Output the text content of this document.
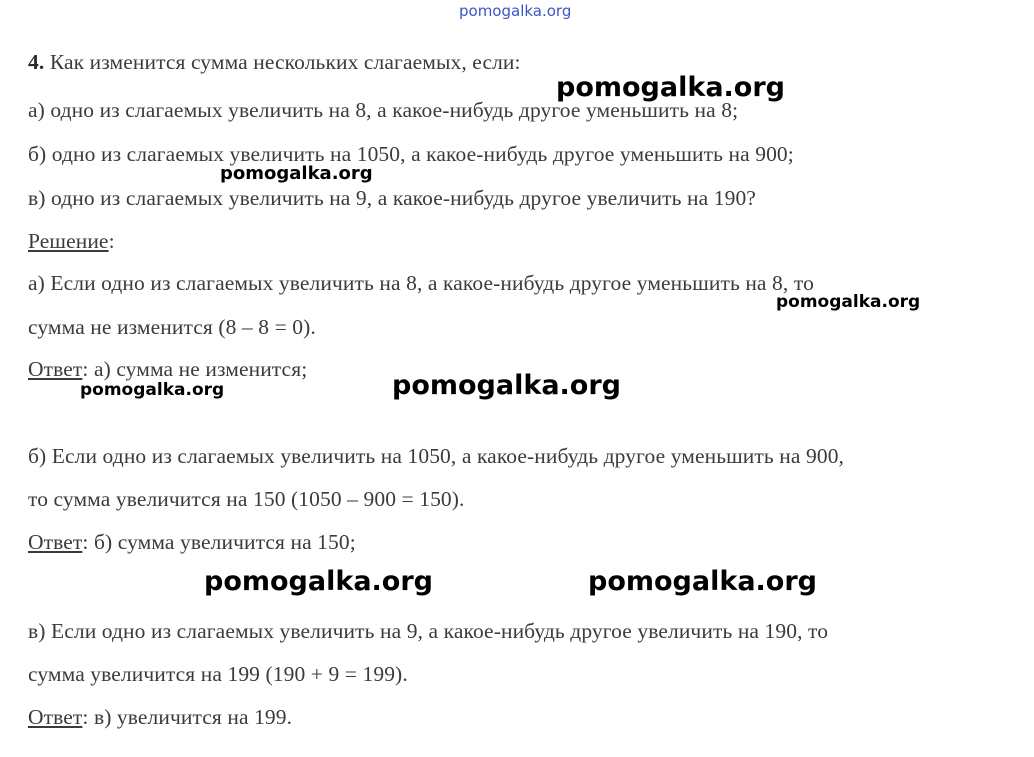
pomogalka.org
4. Как изменится сумма нескольких слагаемых, если:
а) одно из слагаемых увеличить на 8, а какое-нибудь другое уменьшить на 8;
б) одно из слагаемых увеличить на 1050, а какое-нибудь другое уменьшить на 900;
в) одно из слагаемых увеличить на 9, а какое-нибудь другое увеличить на 190?
Решение:
а) Если одно из слагаемых увеличить на 8, а какое-нибудь другое уменьшить на 8, то
сумма не изменится (8 – 8 = 0).
Ответ: а) сумма не изменится;
б) Если одно из слагаемых увеличить на 1050, а какое-нибудь другое уменьшить на 900,
то сумма увеличится на 150 (1050 – 900 = 150).
Ответ: б) сумма увеличится на 150;
в) Если одно из слагаемых увеличить на 9, а какое-нибудь другое увеличить на 190, то
сумма увеличится на 199 (190 + 9 = 199).
Ответ: в) увеличится на 199.
pomogalka.org
pomogalka.org
pomogalka.org
pomogalka.org	pomogalka.org
pomogalka.org	pomogalka.org
